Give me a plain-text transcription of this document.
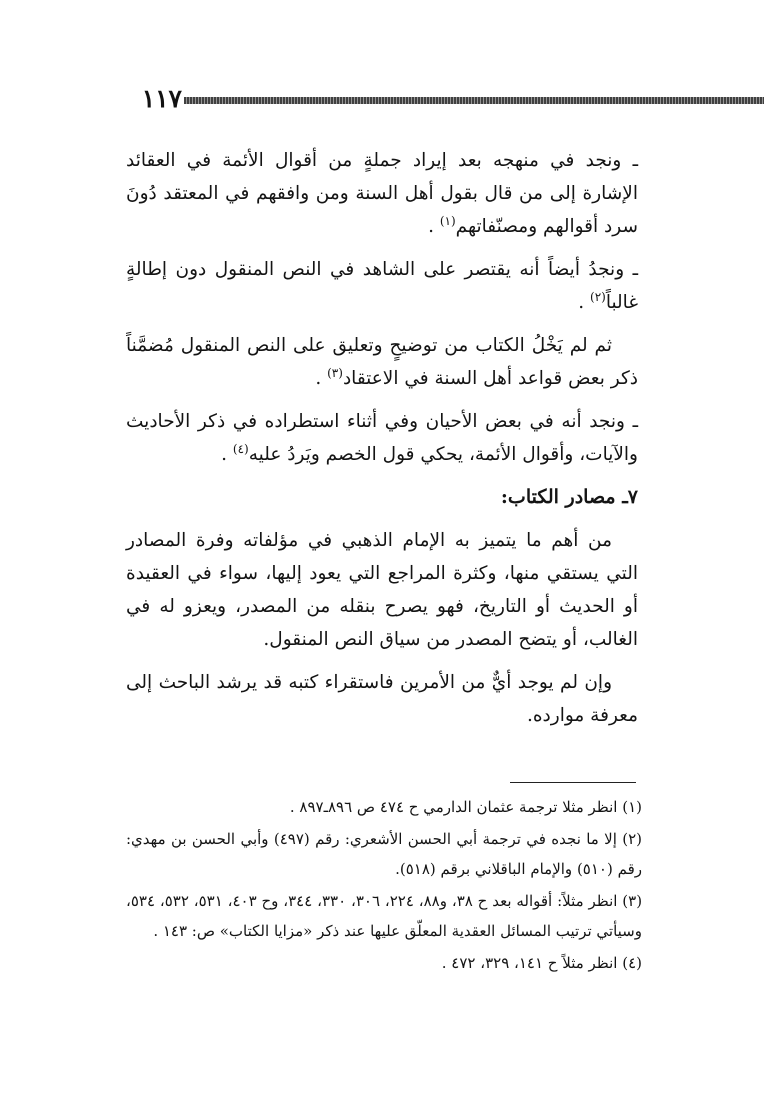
١١٧

ـ ونجد في منهجه بعد إيراد جملةٍ من أقوال الأئمة في العقائد الإشارة إلى من قال بقول أهل السنة ومن وافقهم في المعتقد دُونَ سرد أقوالهم ومصنّفاتهم$^{(١)}$ .

ـ ونجدُ أيضاً أنه يقتصر على الشاهد في النص المنقول دون إطالةٍ غالباً$^{(٢)}$ .

ثم لم يَخْلُ الكتاب من توضيحٍ وتعليق على النص المنقول مُضمَّناً ذكر بعض قواعد أهل السنة في الاعتقاد$^{(٣)}$ .

ـ ونجد أنه في بعض الأحيان وفي أثناء استطراده في ذكر الأحاديث والآيات، وأقوال الأئمة، يحكي قول الخصم ويَردُ عليه$^{(٤)}$ .

٧ـ مصادر الكتاب:

من أهم ما يتميز به الإمام الذهبي في مؤلفاته وفرة المصادر التي يستقي منها، وكثرة المراجع التي يعود إليها، سواء في العقيدة أو الحديث أو التاريخ، فهو يصرح بنقله من المصدر، ويعزو له في الغالب، أو يتضح المصدر من سياق النص المنقول.

وإن لم يوجد أيٌّ من الأمرين فاستقراء كتبه قد يرشد الباحث إلى معرفة موارده.

(١) انظر مثلا ترجمة عثمان الدارمي ح ٤٧٤ ص ٨٩٦ـ٨٩٧ .

(٢) إلا ما نجده في ترجمة أبي الحسن الأشعري: رقم (٤٩٧) وأبي الحسن بن مهدي: رقم (٥١٠) والإمام الباقلاني برقم (٥١٨).

(٣) انظر مثلاً: أقواله بعد ح ٣٨، و٨٨، ٢٢٤، ٣٠٦، ٣٣٠، ٣٤٤، وح ٤٠٣، ٥٣١، ٥٣٢، ٥٣٤، وسيأتي ترتيب المسائل العقدية المعلّق عليها عند ذكر «مزايا الكتاب» ص: ١٤٣ .

(٤) انظر مثلاً ح ١٤١، ٣٢٩، ٤٧٢ .
